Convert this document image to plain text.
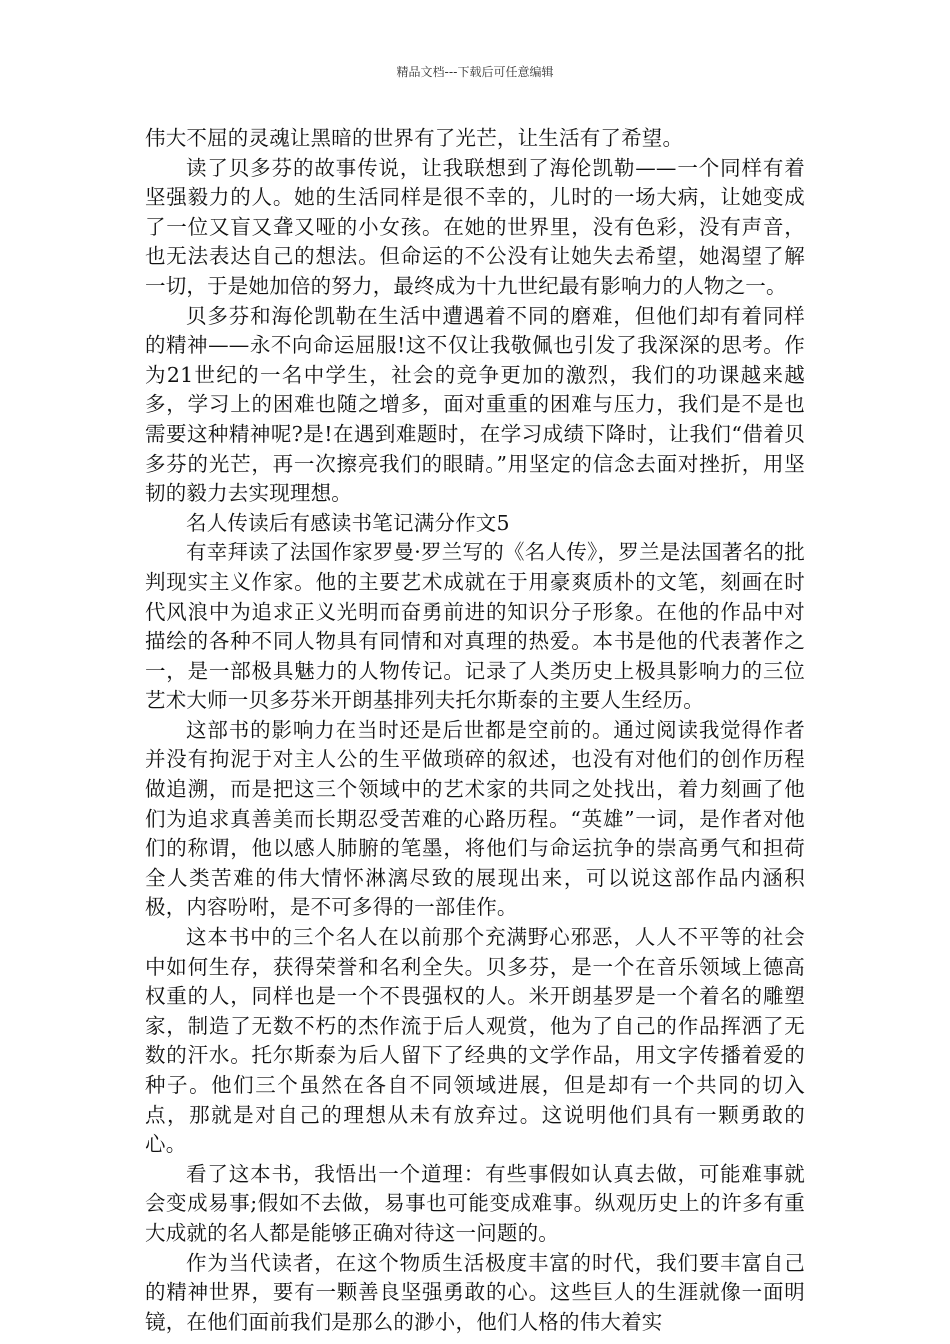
精品文档---下载后可任意编辑

伟大不屈的灵魂让黑暗的世界有了光芒，让生活有了希望。

读了贝多芬的故事传说，让我联想到了海伦凯勒——一个同样有着坚强毅力的人。她的生活同样是很不幸的，儿时的一场大病，让她变成了一位又盲又聋又哑的小女孩。在她的世界里，没有色彩，没有声音，也无法表达自己的想法。但命运的不公没有让她失去希望，她渴望了解一切，于是她加倍的努力，最终成为十九世纪最有影响力的人物之一。

贝多芬和海伦凯勒在生活中遭遇着不同的磨难，但他们却有着同样的精神——永不向命运屈服!这不仅让我敬佩也引发了我深深的思考。作为21世纪的一名中学生，社会的竞争更加的激烈，我们的功课越来越多，学习上的困难也随之增多，面对重重的困难与压力，我们是不是也需要这种精神呢?是!在遇到难题时，在学习成绩下降时，让我们“借着贝多芬的光芒，再一次擦亮我们的眼睛。”用坚定的信念去面对挫折，用坚韧的毅力去实现理想。

名人传读后有感读书笔记满分作文5

有幸拜读了法国作家罗曼·罗兰写的《名人传》，罗兰是法国著名的批判现实主义作家。他的主要艺术成就在于用豪爽质朴的文笔，刻画在时代风浪中为追求正义光明而奋勇前进的知识分子形象。在他的作品中对描绘的各种不同人物具有同情和对真理的热爱。本书是他的代表著作之一，是一部极具魅力的人物传记。记录了人类历史上极具影响力的三位艺术大师一贝多芬米开朗基排列夫托尔斯泰的主要人生经历。

这部书的影响力在当时还是后世都是空前的。通过阅读我觉得作者并没有拘泥于对主人公的生平做琐碎的叙述，也没有对他们的创作历程做追溯，而是把这三个领域中的艺术家的共同之处找出，着力刻画了他们为追求真善美而长期忍受苦难的心路历程。“英雄”一词，是作者对他们的称谓，他以感人肺腑的笔墨，将他们与命运抗争的崇高勇气和担荷全人类苦难的伟大情怀淋漓尽致的展现出来，可以说这部作品内涵积极，内容吩咐，是不可多得的一部佳作。

这本书中的三个名人在以前那个充满野心邪恶，人人不平等的社会中如何生存，获得荣誉和名利全失。贝多芬，是一个在音乐领域上德高权重的人，同样也是一个不畏强权的人。米开朗基罗是一个着名的雕塑家，制造了无数不朽的杰作流于后人观赏，他为了自己的作品挥洒了无数的汗水。托尔斯泰为后人留下了经典的文学作品，用文字传播着爱的种子。他们三个虽然在各自不同领域进展，但是却有一个共同的切入点，那就是对自己的理想从未有放弃过。这说明他们具有一颗勇敢的心。

看了这本书，我悟出一个道理：有些事假如认真去做，可能难事就会变成易事;假如不去做，易事也可能变成难事。纵观历史上的许多有重大成就的名人都是能够正确对待这一问题的。

作为当代读者，在这个物质生活极度丰富的时代，我们要丰富自己的精神世界，要有一颗善良坚强勇敢的心。这些巨人的生涯就像一面明镜，在他们面前我们是那么的渺小，他们人格的伟大着实
